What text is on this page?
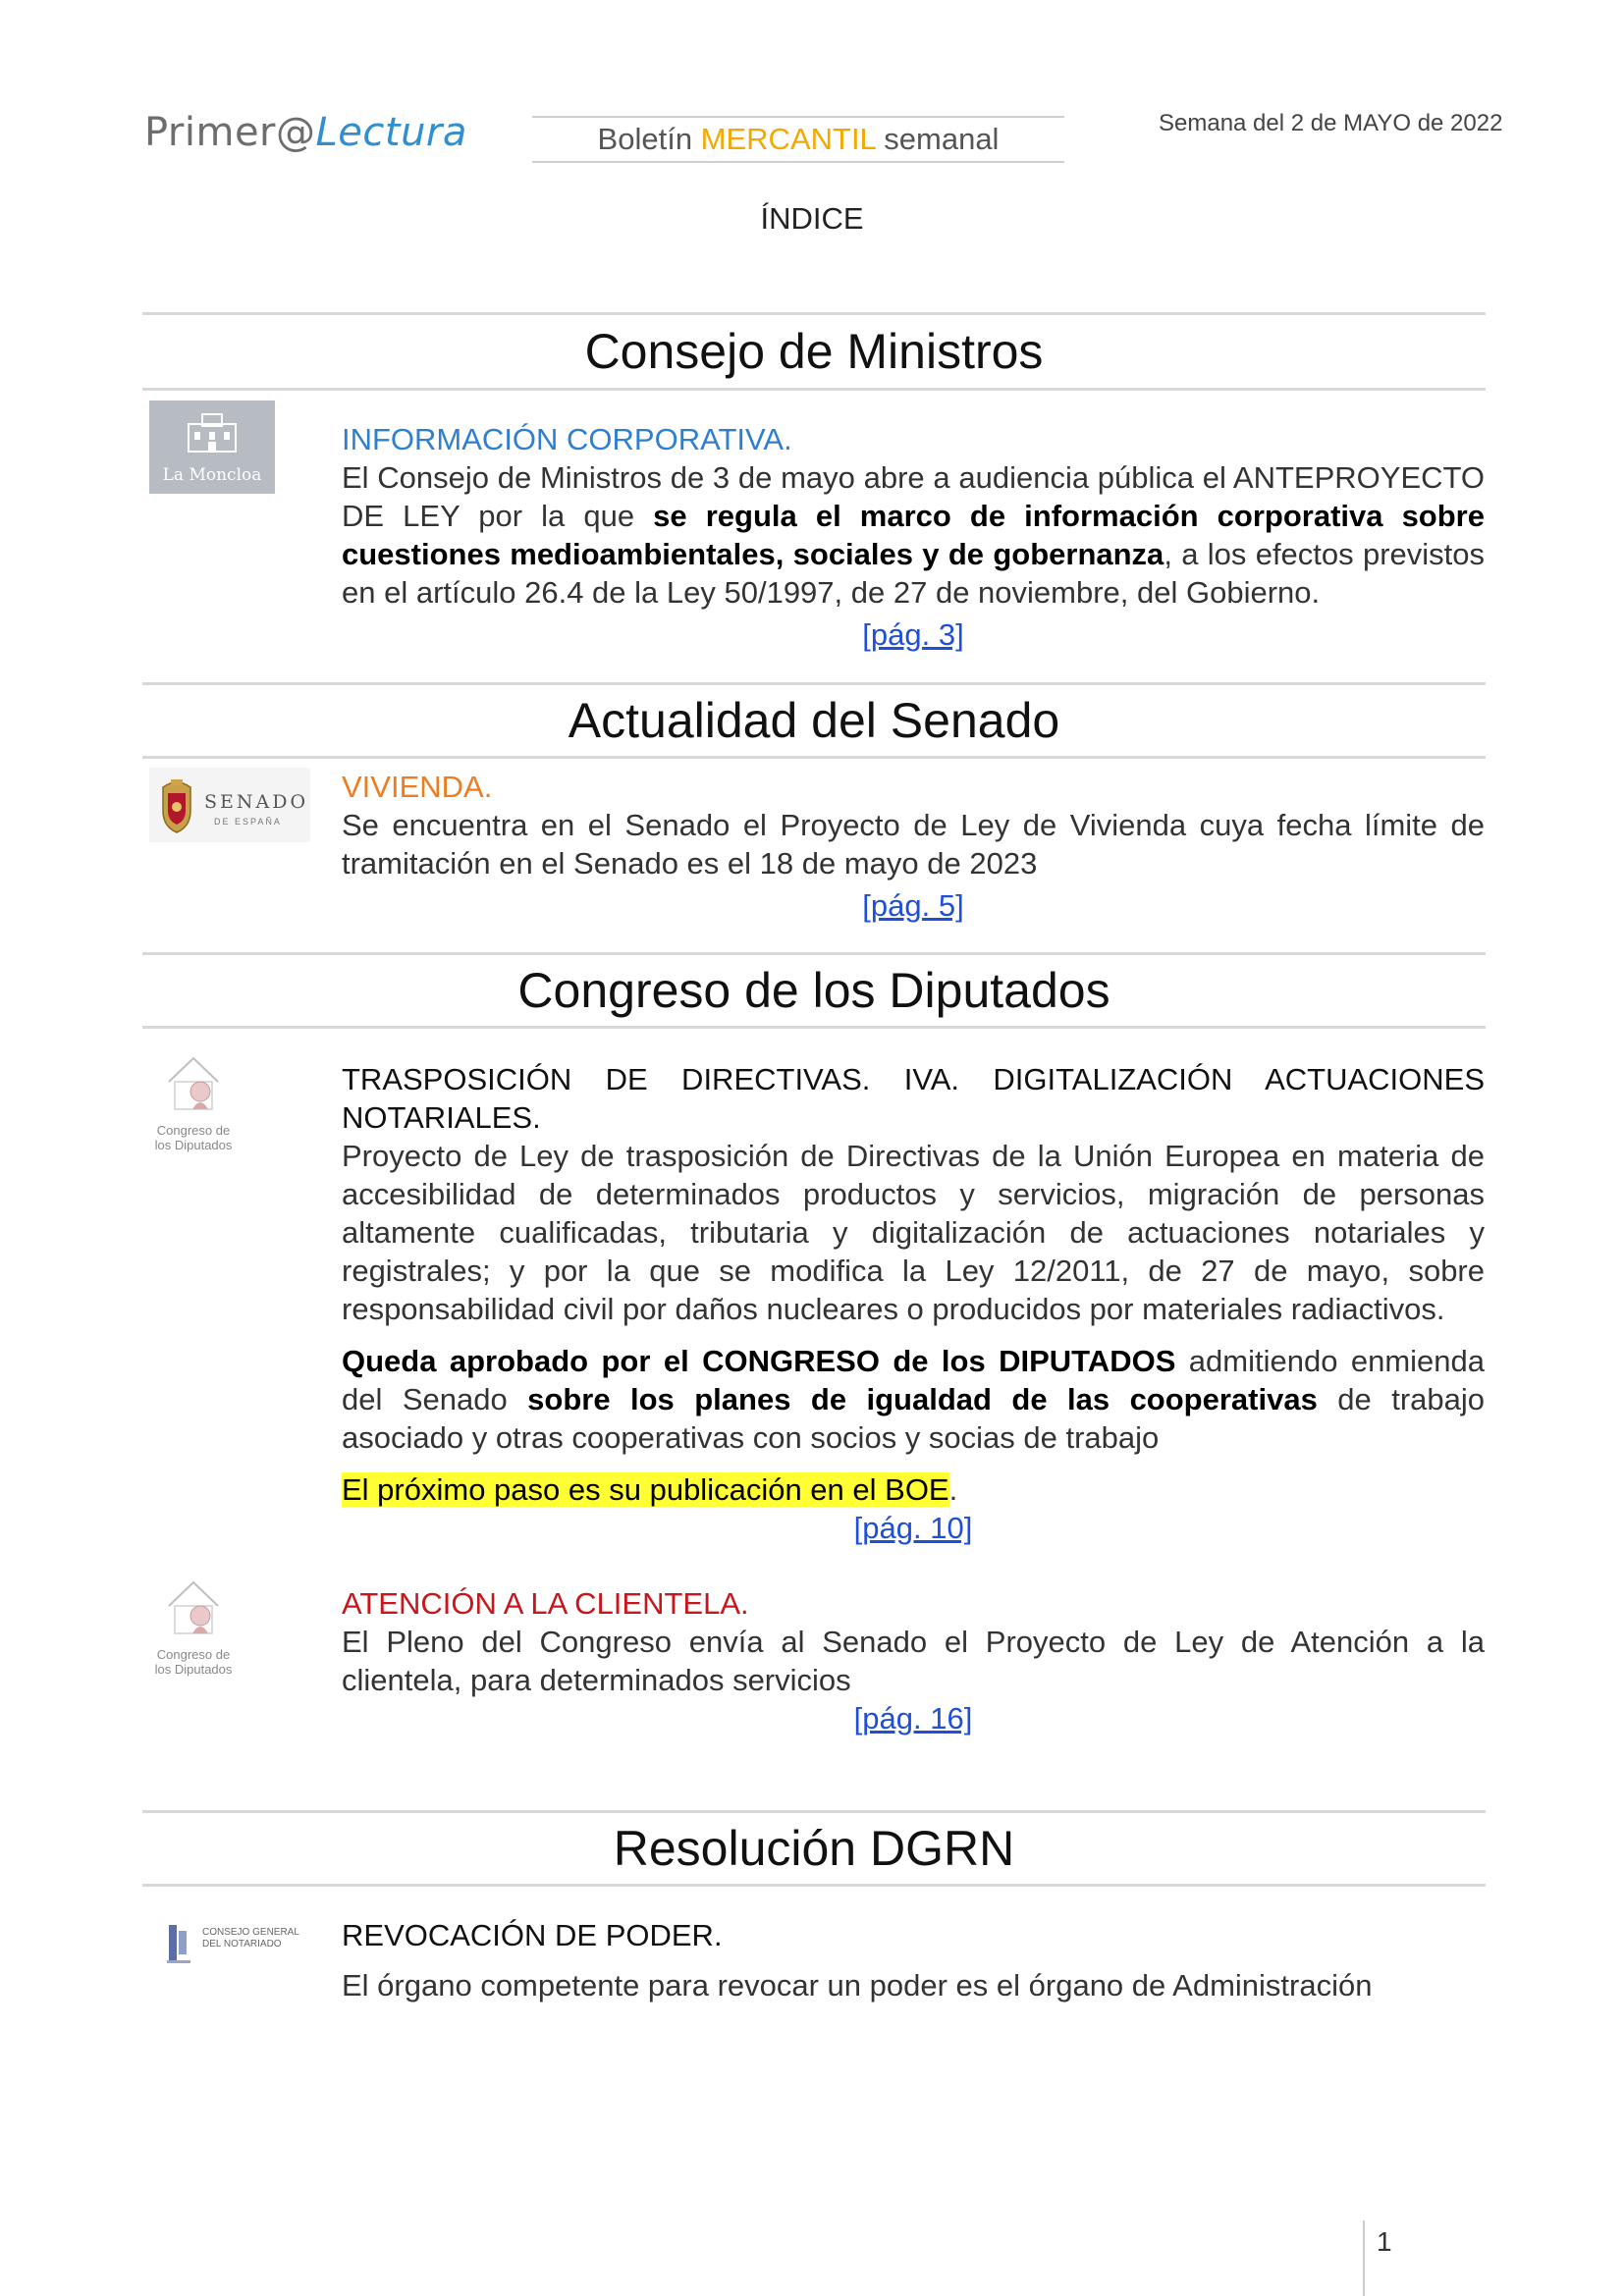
Primer@Lectura	Boletín MERCANTIL semanal	Semana del 2 de MAYO de 2022
ÍNDICE
Consejo de Ministros
La Moncloa
INFORMACIÓN CORPORATIVA.

El Consejo de Ministros de 3 de mayo abre a audiencia pública el ANTEPROYECTO DE LEY por la que se regula el marco de información corporativa sobre cuestiones medioambientales, sociales y de gobernanza, a los efectos previstos en el artículo 26.4 de la Ley 50/1997, de 27 de noviembre, del Gobierno.

[pág. 3]
Actualidad del Senado
SENADO
DE ESPAÑA
VIVIENDA.

Se encuentra en el Senado el Proyecto de Ley de Vivienda cuya fecha límite de tramitación en el Senado es el 18 de mayo de 2023

[pág. 5]
Congreso de los Diputados
Congreso de
los Diputados
TRASPOSICIÓN DE DIRECTIVAS. IVA. DIGITALIZACIÓN ACTUACIONES NOTARIALES.

Proyecto de Ley de trasposición de Directivas de la Unión Europea en materia de accesibilidad de determinados productos y servicios, migración de personas altamente cualificadas, tributaria y digitalización de actuaciones notariales y registrales; y por la que se modifica la Ley 12/2011, de 27 de mayo, sobre responsabilidad civil por daños nucleares o producidos por materiales radiactivos.

Queda aprobado por el CONGRESO de los DIPUTADOS admitiendo enmienda del Senado sobre los planes de igualdad de las cooperativas de trabajo asociado y otras cooperativas con socios y socias de trabajo

El próximo paso es su publicación en el BOE.

[pág. 10]
Congreso de
los Diputados
ATENCIÓN A LA CLIENTELA.

El Pleno del Congreso envía al Senado el Proyecto de Ley de Atención a la clientela, para determinados servicios

[pág. 16]
Resolución DGRN
CONSEJO GENERAL
DEL NOTARIADO	REVOCACIÓN DE PODER.

El órgano competente para revocar un poder es el órgano de Administración

1
